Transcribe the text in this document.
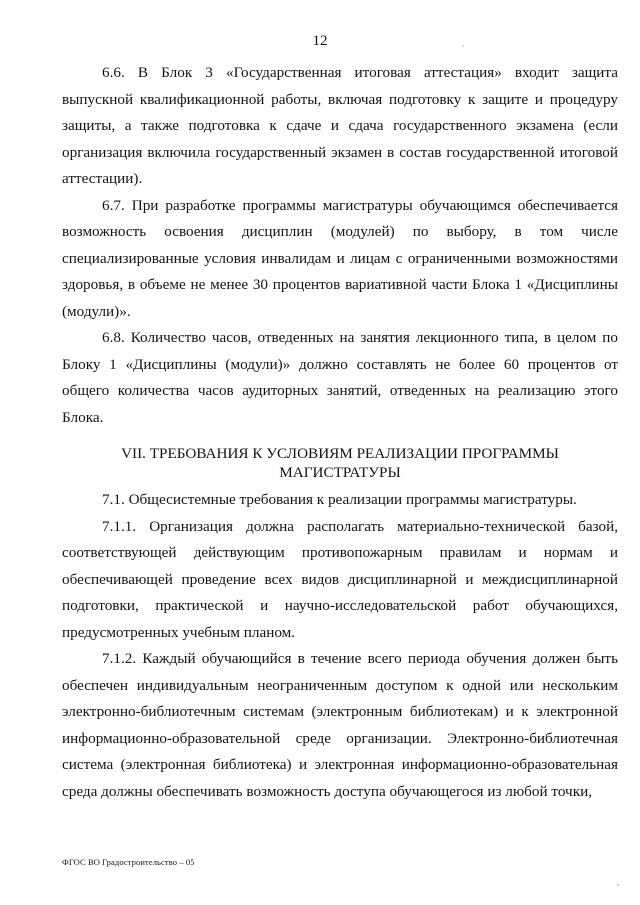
12

6.6. В Блок 3 «Государственная итоговая аттестация» входит защита выпускной квалификационной работы, включая подготовку к защите и процедуру защиты, а также подготовка к сдаче и сдача государственного экзамена (если организация включила государственный экзамен в состав государственной итоговой аттестации).

6.7. При разработке программы магистратуры обучающимся обеспечивается возможность освоения дисциплин (модулей) по выбору, в том числе специализированные условия инвалидам и лицам с ограниченными возможностями здоровья, в объеме не менее 30 процентов вариативной части Блока 1 «Дисциплины (модули)».

6.8. Количество часов, отведенных на занятия лекционного типа, в целом по Блоку 1 «Дисциплины (модули)» должно составлять не более 60 процентов от общего количества часов аудиторных занятий, отведенных на реализацию этого Блока.

VII. ТРЕБОВАНИЯ К УСЛОВИЯМ РЕАЛИЗАЦИИ ПРОГРАММЫ
МАГИСТРАТУРЫ

7.1. Общесистемные требования к реализации программы магистратуры.

7.1.1. Организация должна располагать материально-технической базой, соответствующей действующим противопожарным правилам и нормам и обеспечивающей проведение всех видов дисциплинарной и междисциплинарной подготовки, практической и научно-исследовательской работ обучающихся, предусмотренных учебным планом.

7.1.2. Каждый обучающийся в течение всего периода обучения должен быть обеспечен индивидуальным неограниченным доступом к одной или нескольким электронно-библиотечным системам (электронным библиотекам) и к электронной информационно-образовательной среде организации. Электронно-библиотечная система (электронная библиотека) и электронная информационно-образовательная среда должны обеспечивать возможность доступа обучающегося из любой точки,

ФГОС ВО Градостроительство – 05
